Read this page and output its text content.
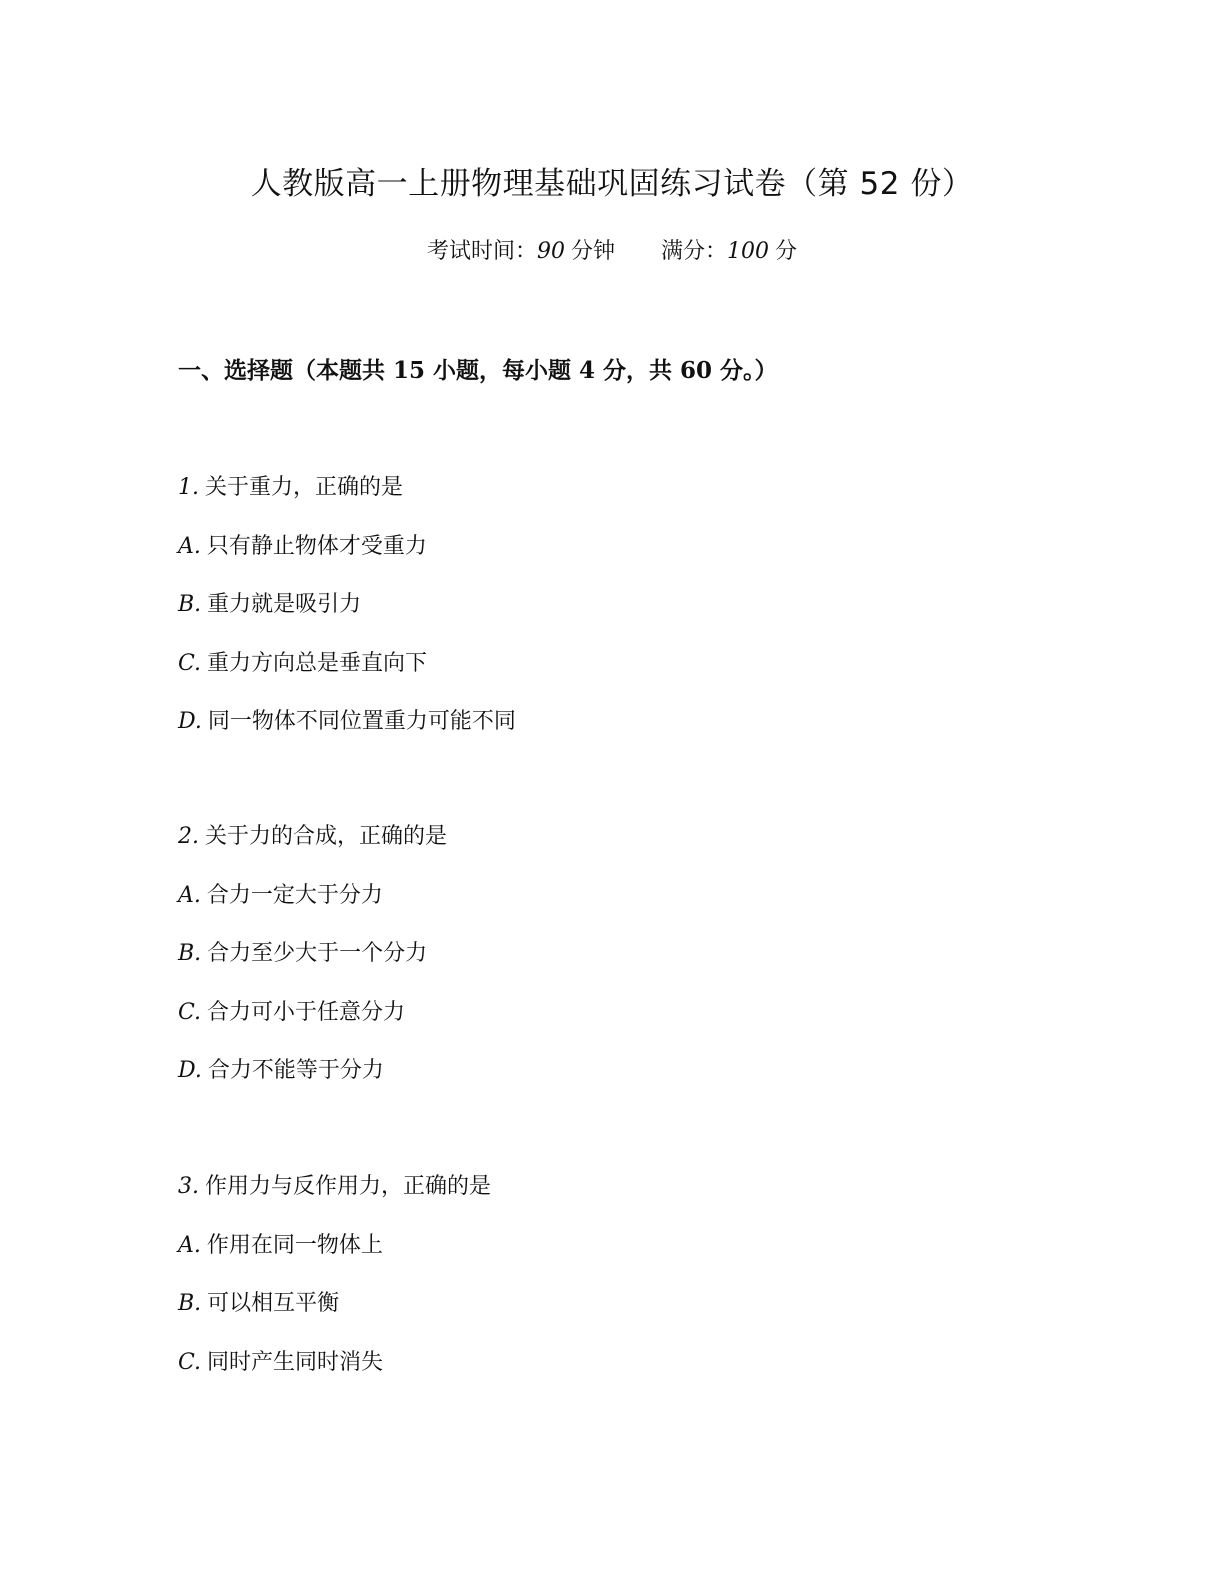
人教版高一上册物理基础巩固练习试卷（第 52 份）
考试时间：90 分钟 满分：100 分
一、选择题（本题共 15 小题，每小题 4 分，共 60 分。）
1. 关于重力，正确的是
A. 只有静止物体才受重力
B. 重力就是吸引力
C. 重力方向总是垂直向下
D. 同一物体不同位置重力可能不同
2. 关于力的合成，正确的是
A. 合力一定大于分力
B. 合力至少大于一个分力
C. 合力可小于任意分力
D. 合力不能等于分力
3. 作用力与反作用力，正确的是
A. 作用在同一物体上
B. 可以相互平衡
C. 同时产生同时消失
